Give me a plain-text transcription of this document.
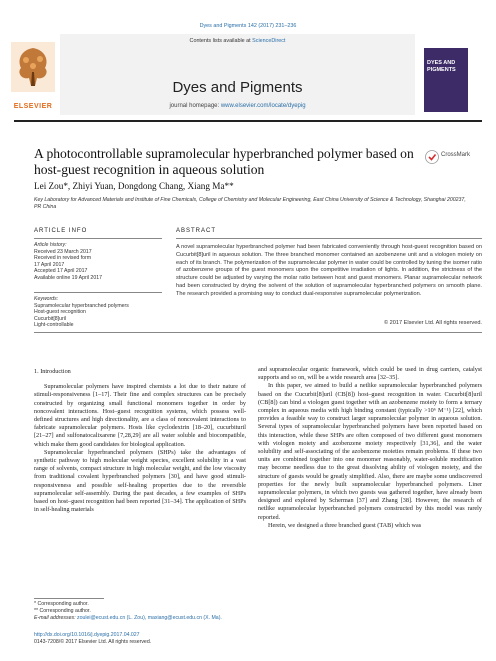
Dyes and Pigments 142 (2017) 231–236
Contents lists available at ScienceDirect
Dyes and Pigments
journal homepage: www.elsevier.com/locate/dyepig
ELSEVIER
DYES AND PIGMENTS
A photocontrollable supramolecular hyperbranched polymer based on host-guest recognition in aqueous solution
CrossMark
Lei Zou*, Zhiyi Yuan, Dongdong Chang, Xiang Ma**
Key Laboratory for Advanced Materials and Institute of Fine Chemicals, College of Chemistry and Molecular Engineering, East China University of Science & Technology, Shanghai 200237, PR China
ARTICLE INFO
Article history:
Received 23 March 2017
Received in revised form
17 April 2017
Accepted 17 April 2017
Available online 19 April 2017
Keywords:
Supramolecular hyperbranched polymers
Host-guest recognition
Cucurbit[8]uril
Light-controllable
ABSTRACT
A novel supramolecular hyperbranched polymer had been fabricated conveniently through host-guest recognition based on Cucurbit[8]uril in aqueous solution. The three branched monomer contained an azobenzene unit and a viologen moiety on each of its branch. The polymerization of the supramolecular polymer in water could be controlled by tuning the isomer ratio of azobenzene groups of the guest monomers upon the competitive irradiation of lights. In addition, the strictness of the structure could be adjusted by varying the molar ratio between host and guest monomers. Planar supramolecular network had been constructed by drying the solvent of the solution of supramolecular hyperbranched polymers on smooth plane. The research provided a promising way to conduct dual-responsive supramolecular polymerization.
© 2017 Elsevier Ltd. All rights reserved.
1. Introduction
Supramolecular polymers have inspired chemists a lot due to their nature of stimuli-responsiveness [1–17]. Their fine and complex structures can be precisely constructed by organizing small functional monomers together in order by noncovalent interactions. Host–guest recognition systems, which possess well-defined structures and high directionality, are a class of noncovalent interactions to fabricate supramolecular polymers. Hosts like cyclodextrin [18–20], cucurbituril [21–27] and sulfonatocalixarene [7,28,29] are all water soluble and biocompatible, which make them good candidates for biological application.
Supramolecular hyperbranched polymers (SHPs) take the advantages of synthetic pathway to high molecular weight species, excellent solubility in a vast range of solvents, compact structure in high molecular weight, and the low viscosity from traditional covalent hyperbranched polymers [30], and have good stimuli-responsiveness and possible self-healing properties due to the reversible supramolecular self-assembly. During the past decades, a few examples of SHPs based on host–guest recognition had been reported [31–34]. The application of SHPs in self-healing materials
and supramolecular organic framework, which could be used in drug carriers, catalyst supports and so on, will be a wide research area [32–35].
In this paper, we aimed to build a netlike supramolecular hyperbranched polymers based on the Cucurbit[8]uril (CB[8]) host–guest recognition in water. Cucurbit[8]uril (CB[8]) can bind a viologen guest together with an azobenzene moiety to form a ternary complex in aqueous media with high binding constant (typically >10⁶ M⁻¹) [22], which provides a feasible way to construct larger supramolecular polymer in aqueous solution. Several types of supramolecular hyperbranched polymers have been reported based on this interaction, while these SHPs are often composed of two different guest monomers with viologen moiety and azobenzene moiety respectively [31,36], and the water solubility and self-associating of the azobenzene moieties remain problems. If these two units are combined together into one monomer reasonably, water-soluble modification may become needless due to the great dissolving ability of viologen moiety, and the structure of guests would be greatly simplified. Also, there are maybe some undiscovered properties for the newly built supramolecular hyperbranched polymers. Liner supramolecular polymers, in which two guests was gathered together, have already been designed and explored by Scherman [37] and Zhang [38]. However, the research of netlike supramolecular hyperbranched polymers constructed by this model was rarely reported.
Herein, we designed a three branched guest (TAB) which was
* Corresponding author.
** Corresponding author.
E-mail addresses: zoulei@ecust.edu.cn (L. Zou), maxiang@ecust.edu.cn (X. Ma).
http://dx.doi.org/10.1016/j.dyepig.2017.04.027
0143-7208/© 2017 Elsevier Ltd. All rights reserved.
